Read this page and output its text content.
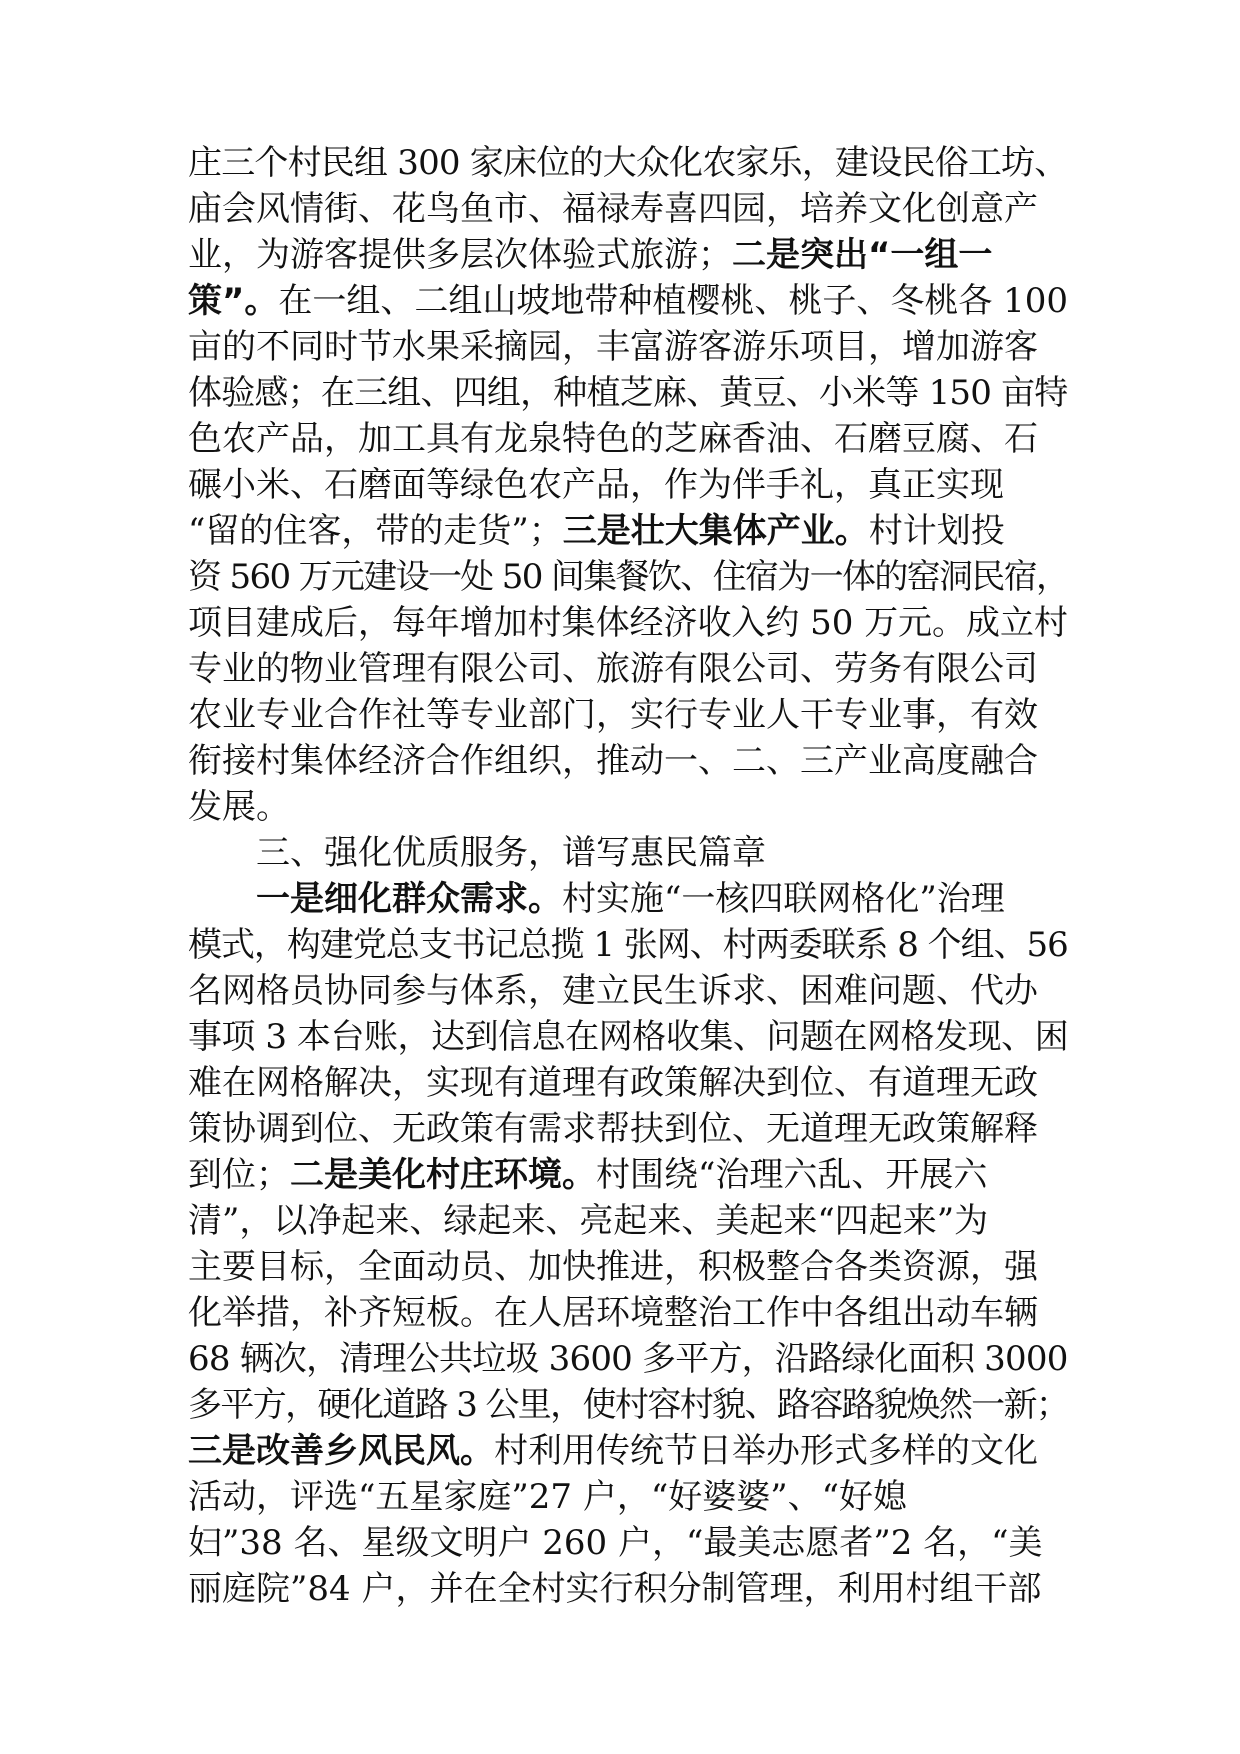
庄三个村民组 300 家床位的大众化农家乐，建设民俗工坊、
庙会风情街、花鸟鱼市、福禄寿喜四园，培养文化创意产
业，为游客提供多层次体验式旅游；二是突出“一组一
策”。在一组、二组山坡地带种植樱桃、桃子、冬桃各 100
亩的不同时节水果采摘园，丰富游客游乐项目，增加游客
体验感；在三组、四组，种植芝麻、黄豆、小米等 150 亩特
色农产品，加工具有龙泉特色的芝麻香油、石磨豆腐、石
碾小米、石磨面等绿色农产品，作为伴手礼，真正实现
“留的住客，带的走货”；三是壮大集体产业。村计划投
资 560 万元建设一处 50 间集餐饮、住宿为一体的窑洞民宿，
项目建成后，每年增加村集体经济收入约 50 万元。成立村
专业的物业管理有限公司、旅游有限公司、劳务有限公司
农业专业合作社等专业部门，实行专业人干专业事，有效
衔接村集体经济合作组织，推动一、二、三产业高度融合
发展。
三、强化优质服务，谱写惠民篇章
一是细化群众需求。村实施“一核四联网格化”治理
模式，构建党总支书记总揽 1 张网、村两委联系 8 个组、56
名网格员协同参与体系，建立民生诉求、困难问题、代办
事项 3 本台账，达到信息在网格收集、问题在网格发现、困
难在网格解决，实现有道理有政策解决到位、有道理无政
策协调到位、无政策有需求帮扶到位、无道理无政策解释
到位；二是美化村庄环境。村围绕“治理六乱、开展六
清”，以净起来、绿起来、亮起来、美起来“四起来”为
主要目标，全面动员、加快推进，积极整合各类资源，强
化举措，补齐短板。在人居环境整治工作中各组出动车辆
68 辆次，清理公共垃圾 3600 多平方，沿路绿化面积 3000
多平方，硬化道路 3 公里，使村容村貌、路容路貌焕然一新；
三是改善乡风民风。村利用传统节日举办形式多样的文化
活动，评选“五星家庭”27 户，“好婆婆”、“好媳
妇”38 名、星级文明户 260 户，“最美志愿者”2 名，“美
丽庭院”84 户，并在全村实行积分制管理，利用村组干部
